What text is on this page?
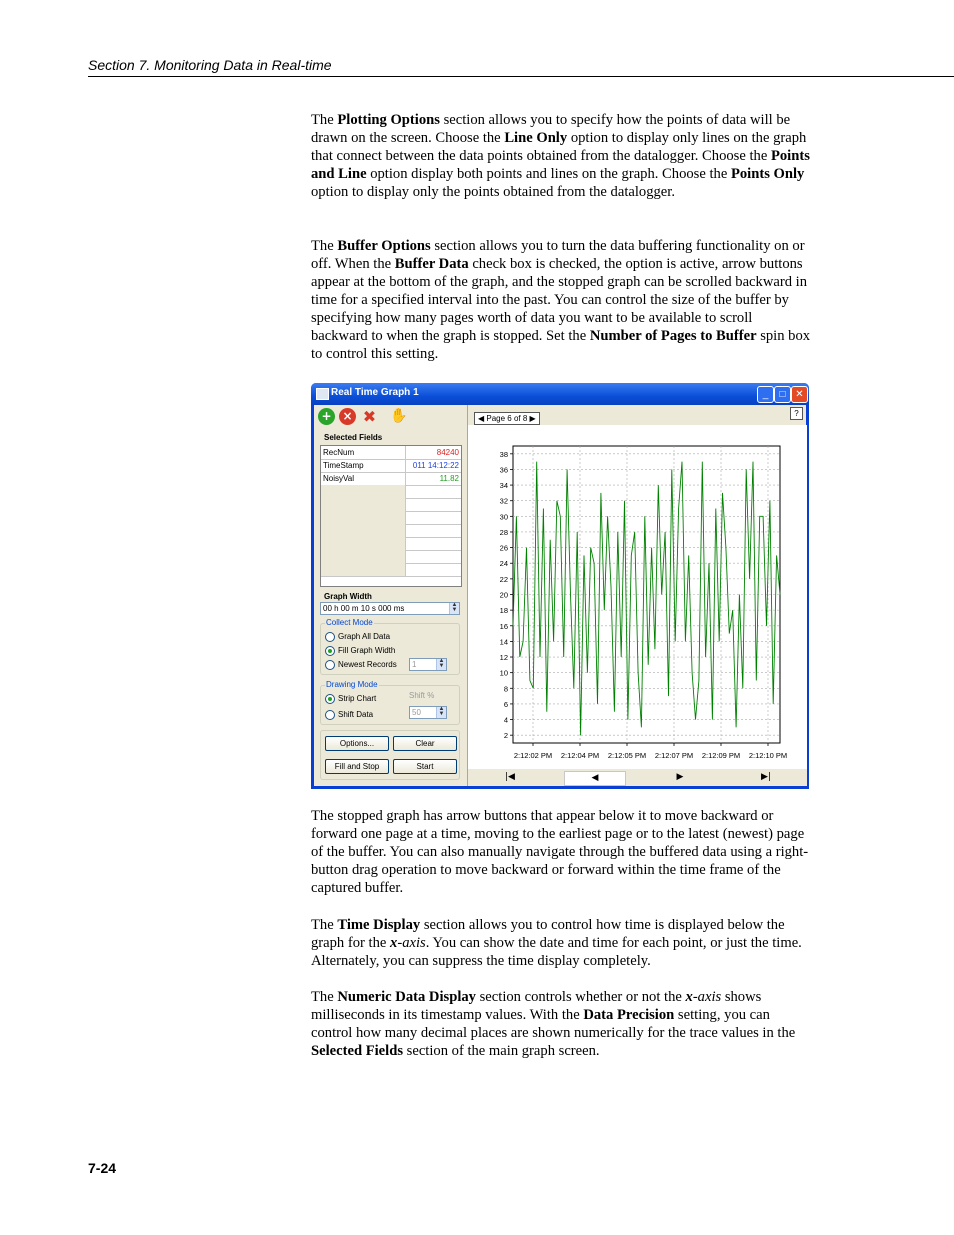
Section 7. Monitoring Data in Real-time

The Plotting Options section allows you to specify how the points of data will be drawn on the screen. Choose the Line Only option to display only lines on the graph that connect between the data points obtained from the datalogger. Choose the Points and Line option display both points and lines on the graph. Choose the Points Only option to display only the points obtained from the datalogger.

The Buffer Options section allows you to turn the data buffering functionality on or off. When the Buffer Data check box is checked, the option is active, arrow buttons appear at the bottom of the graph, and the stopped graph can be scrolled backward in time for a specified interval into the past. You can control the size of the buffer by specifying how many pages worth of data you want to be available to scroll backward to when the graph is stopped. Set the Number of Pages to Buffer spin box to control this setting.

Real Time Graph 1	_	□ ✕
+ × ✖ ✋
Selected Fields
RecNum	84240
TimeStamp	011 14:12:22
NoisyVal	11.82
Graph Width
00 h 00 m 10 s 000 ms	▲
▼
Collect Mode
Graph All Data
Fill Graph Width
Newest Records	1	▲
▼
Drawing Mode
Strip Chart
Shift Data
Shift %
50	▲
▼
Options...	Clear
Fill and Stop	Start
◀ Page 6 of 8 ▶
?
2
4
6
8
10
12
14
16
18
20
22
24
26
28
30
32
34
36
38
2:12:02 PM 2:12:04 PM 2:12:05 PM 2:12:07 PM 2:12:09 PM 2:12:10 PM
|◀	◀	▶	▶|

The stopped graph has arrow buttons that appear below it to move backward or forward one page at a time, moving to the earliest page or to the latest (newest) page of the buffer. You can also manually navigate through the buffered data using a right-button drag operation to move backward or forward within the time frame of the captured buffer.

The Time Display section allows you to control how time is displayed below the graph for the x-axis. You can show the date and time for each point, or just the time. Alternately, you can suppress the time display completely.

The Numeric Data Display section controls whether or not the x-axis shows milliseconds in its timestamp values. With the Data Precision setting, you can control how many decimal places are shown numerically for the trace values in the Selected Fields section of the main graph screen.

7-24
